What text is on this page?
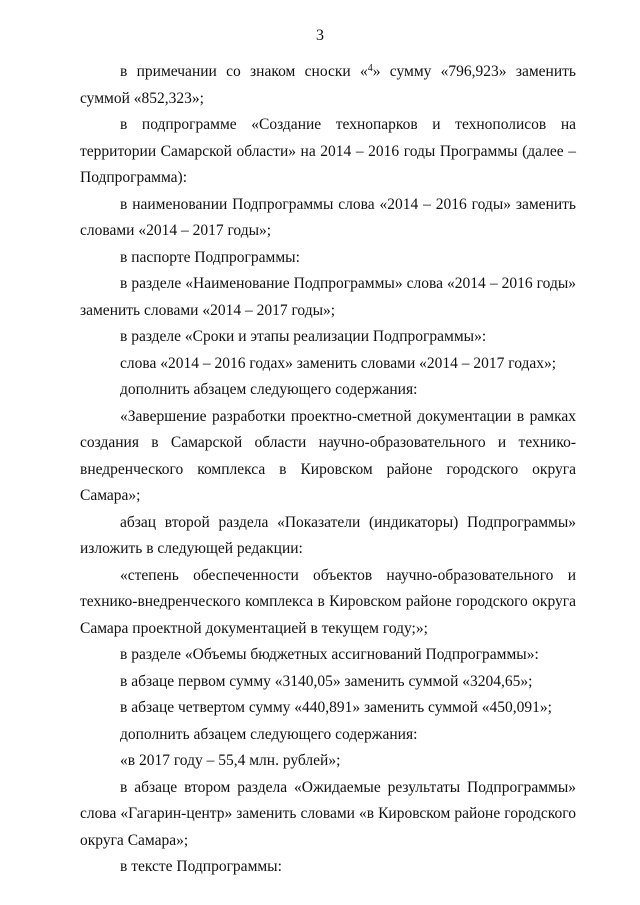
3

в примечании со знаком сноски «$^4$» сумму «796,923» заменить суммой «852,323»;

в подпрограмме «Создание технопарков и технополисов на территории Самарской области» на 2014 – 2016 годы Программы (далее – Подпрограмма):

в наименовании Подпрограммы слова «2014 – 2016 годы» заменить словами «2014 – 2017 годы»;

в паспорте Подпрограммы:

в разделе «Наименование Подпрограммы» слова «2014 – 2016 годы» заменить словами «2014 – 2017 годы»;

в разделе «Сроки и этапы реализации Подпрограммы»:

слова «2014 – 2016 годах» заменить словами «2014 – 2017 годах»;

дополнить абзацем следующего содержания:

«Завершение разработки проектно-сметной документации в рамках создания в Самарской области научно-образовательного и технико-внедренческого комплекса в Кировском районе городского округа Самара»;

абзац второй раздела «Показатели (индикаторы) Подпрограммы» изложить в следующей редакции:

«степень обеспеченности объектов научно-образовательного и технико-внедренческого комплекса в Кировском районе городского округа Самара проектной документацией в текущем году;»;

в разделе «Объемы бюджетных ассигнований Подпрограммы»:

в абзаце первом сумму «3140,05» заменить суммой «3204,65»;

в абзаце четвертом сумму «440,891» заменить суммой «450,091»;

дополнить абзацем следующего содержания:

«в 2017 году – 55,4 млн. рублей»;

в абзаце втором раздела «Ожидаемые результаты Подпрограммы» слова «Гагарин-центр» заменить словами «в Кировском районе городского округа Самара»;

в тексте Подпрограммы:
